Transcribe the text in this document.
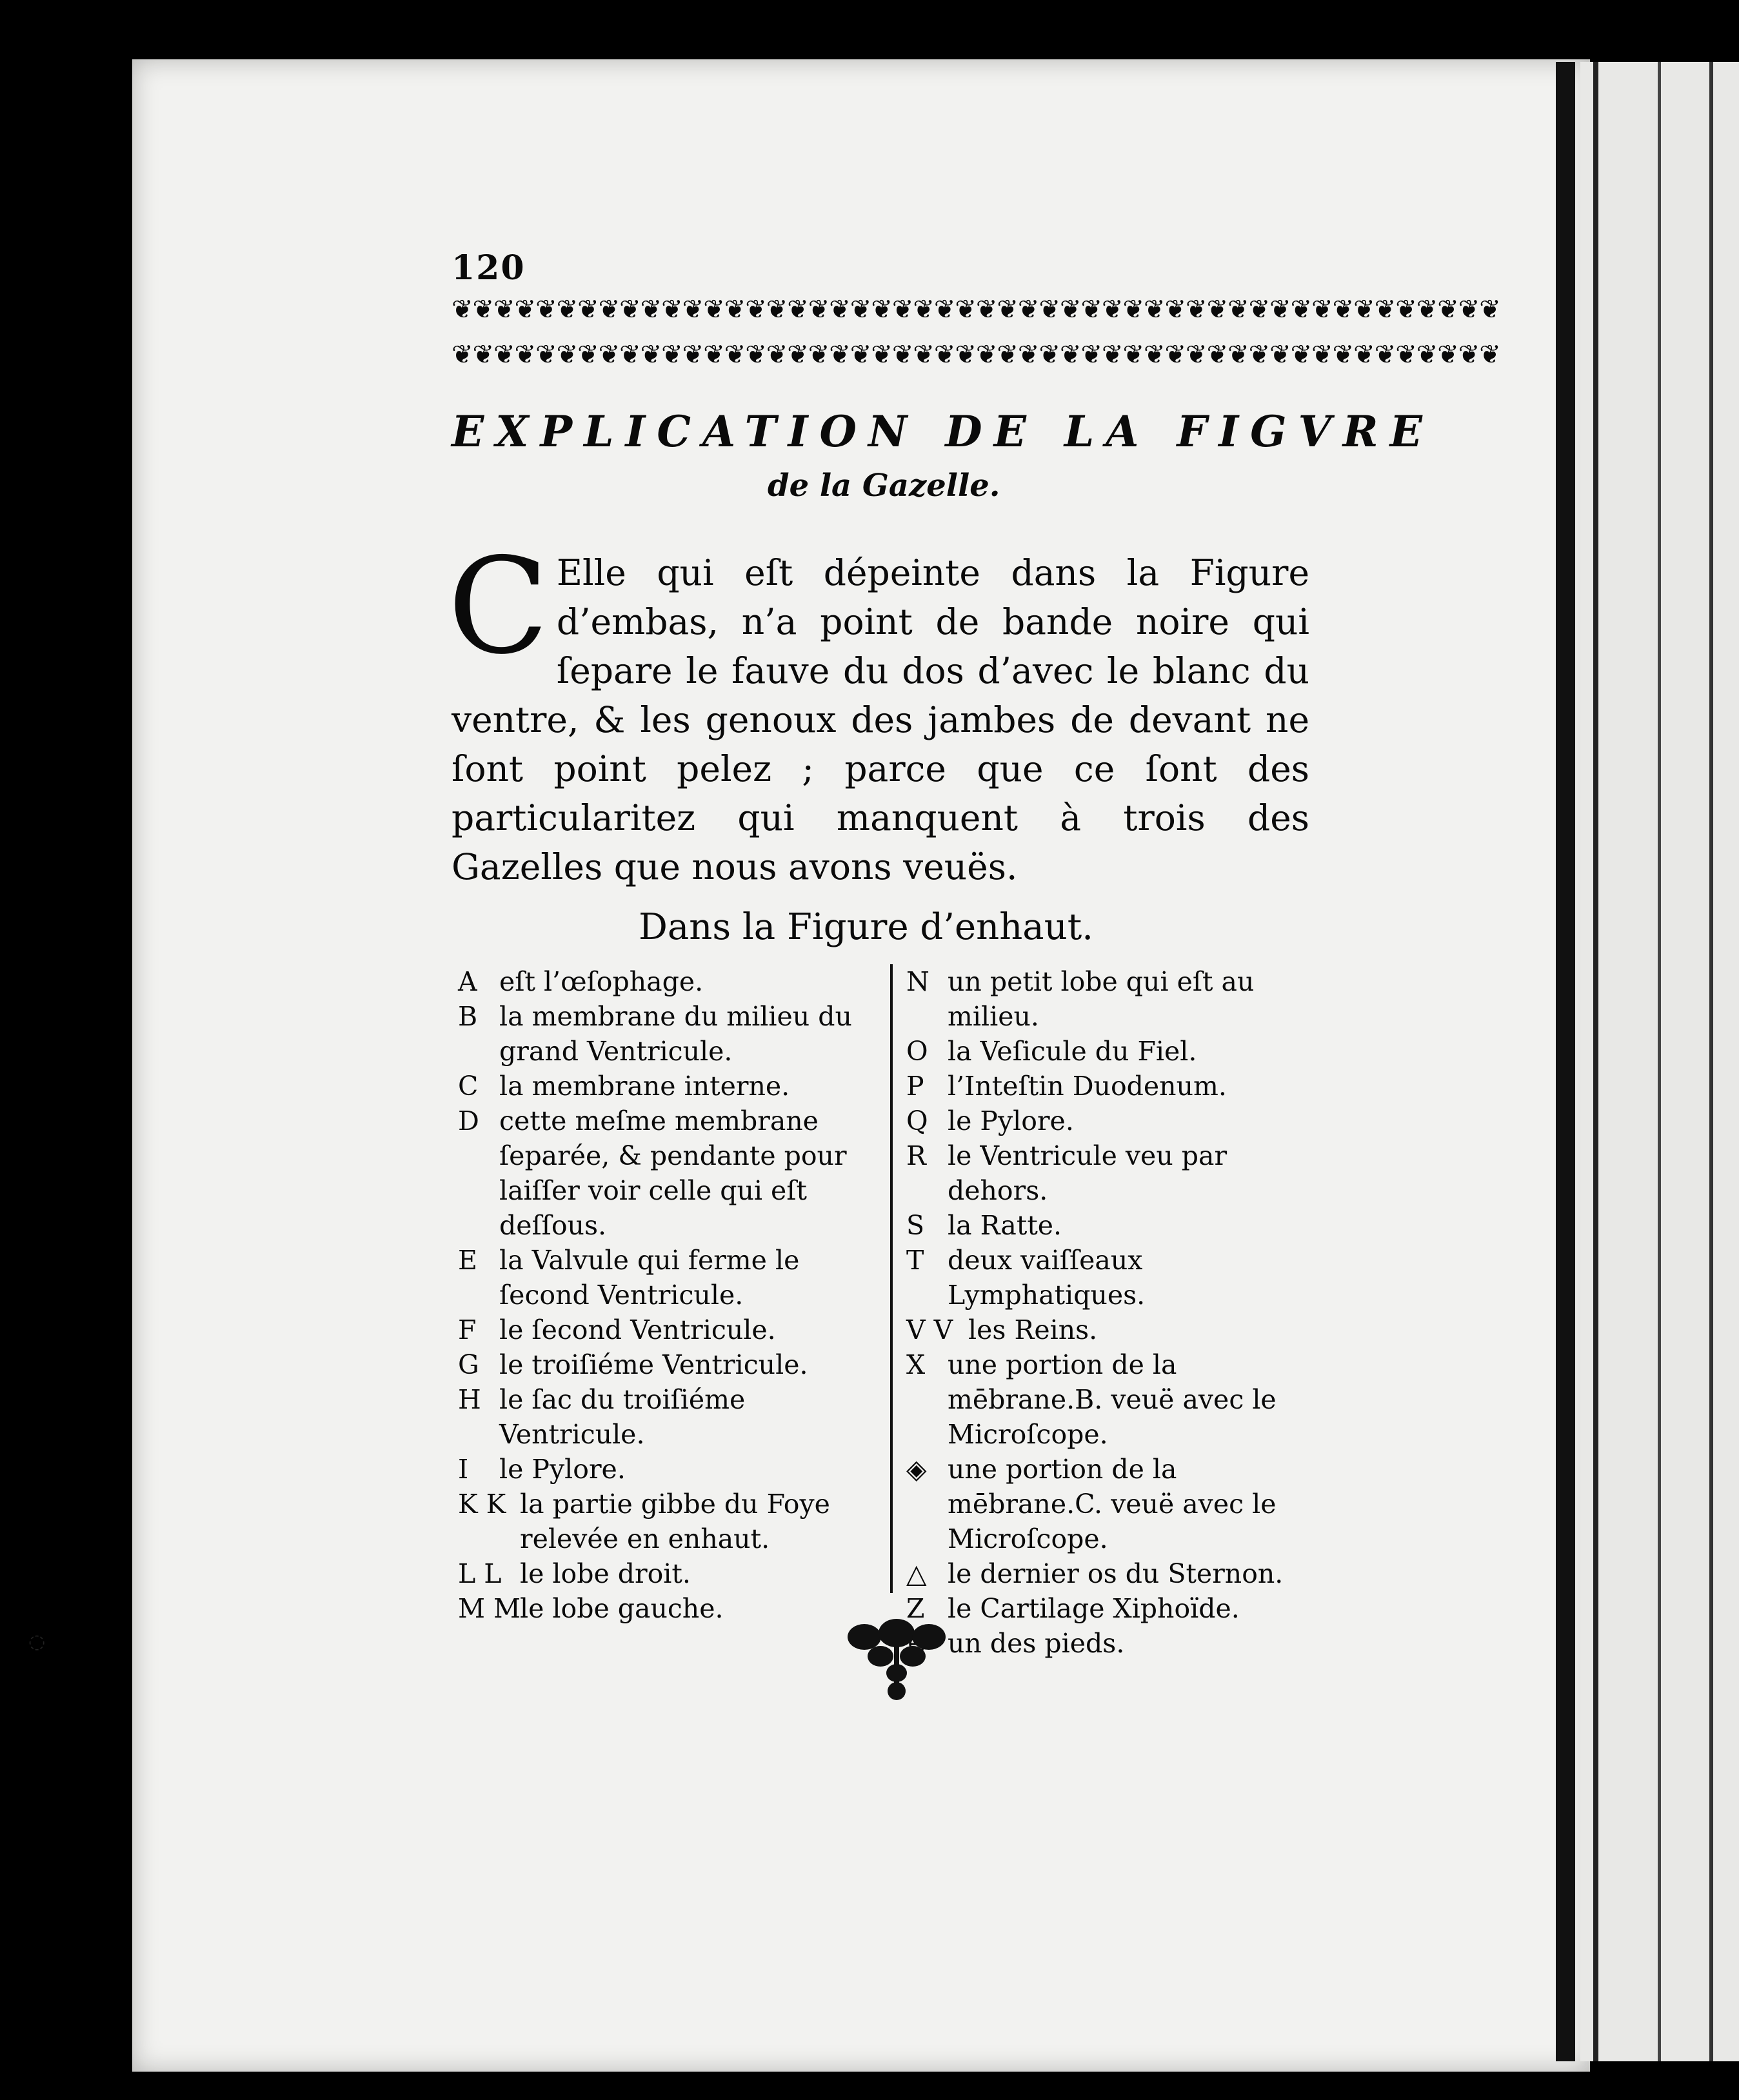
120
❦❦❦❦❦❦❦❦❦❦❦❦❦❦❦❦❦❦❦❦❦❦❦❦❦❦❦❦❦❦❦❦❦❦❦❦❦❦❦❦❦❦❦❦❦❦❦❦❦❦
❦❦❦❦❦❦❦❦❦❦❦❦❦❦❦❦❦❦❦❦❦❦❦❦❦❦❦❦❦❦❦❦❦❦❦❦❦❦❦❦❦❦❦❦❦❦❦❦❦❦
EXPLICATION DE LA FIGVRE
de la Gazelle.
C Elle qui eſt dépeinte dans la Figure d’embas, n’a point de bande noire qui ſepare le fauve du dos d’avec le blanc du ventre, & les genoux des jambes de devant ne ſont point pelez ; parce que ce ſont des particularitez qui manquent à trois des Gazelles que nous avons veuës.
Dans la Figure d’enhaut.
A eſt l’œſophage.
B la membrane du milieu du grand Ventricule.
C la membrane interne.
D cette meſme membrane ſeparée, & pendante pour laiſſer voir celle qui eſt deſſous.
E la Valvule qui ferme le ſecond Ventricule.
F le ſecond Ventricule.
G le troiſiéme Ventricule.
H le ſac du troiſiéme Ventricule.
I le Pylore.
K K la partie gibbe du Foye relevée en enhaut.
L L le lobe droit.
M M le lobe gauche.
N un petit lobe qui eſt au milieu.
O la Veſicule du Fiel.
P l’Inteſtin Duodenum.
Q le Pylore.
R le Ventricule veu par dehors.
S la Ratte.
T deux vaiſſeaux Lymphatiques.
V V les Reins.
X une portion de la mēbrane.B. veuë avec le Microſcope.
◈ une portion de la mēbrane.C. veuë avec le Microſcope.
△ le dernier os du Sternon.
Z le Cartilage Xiphoïde.
un des pieds.
◌
